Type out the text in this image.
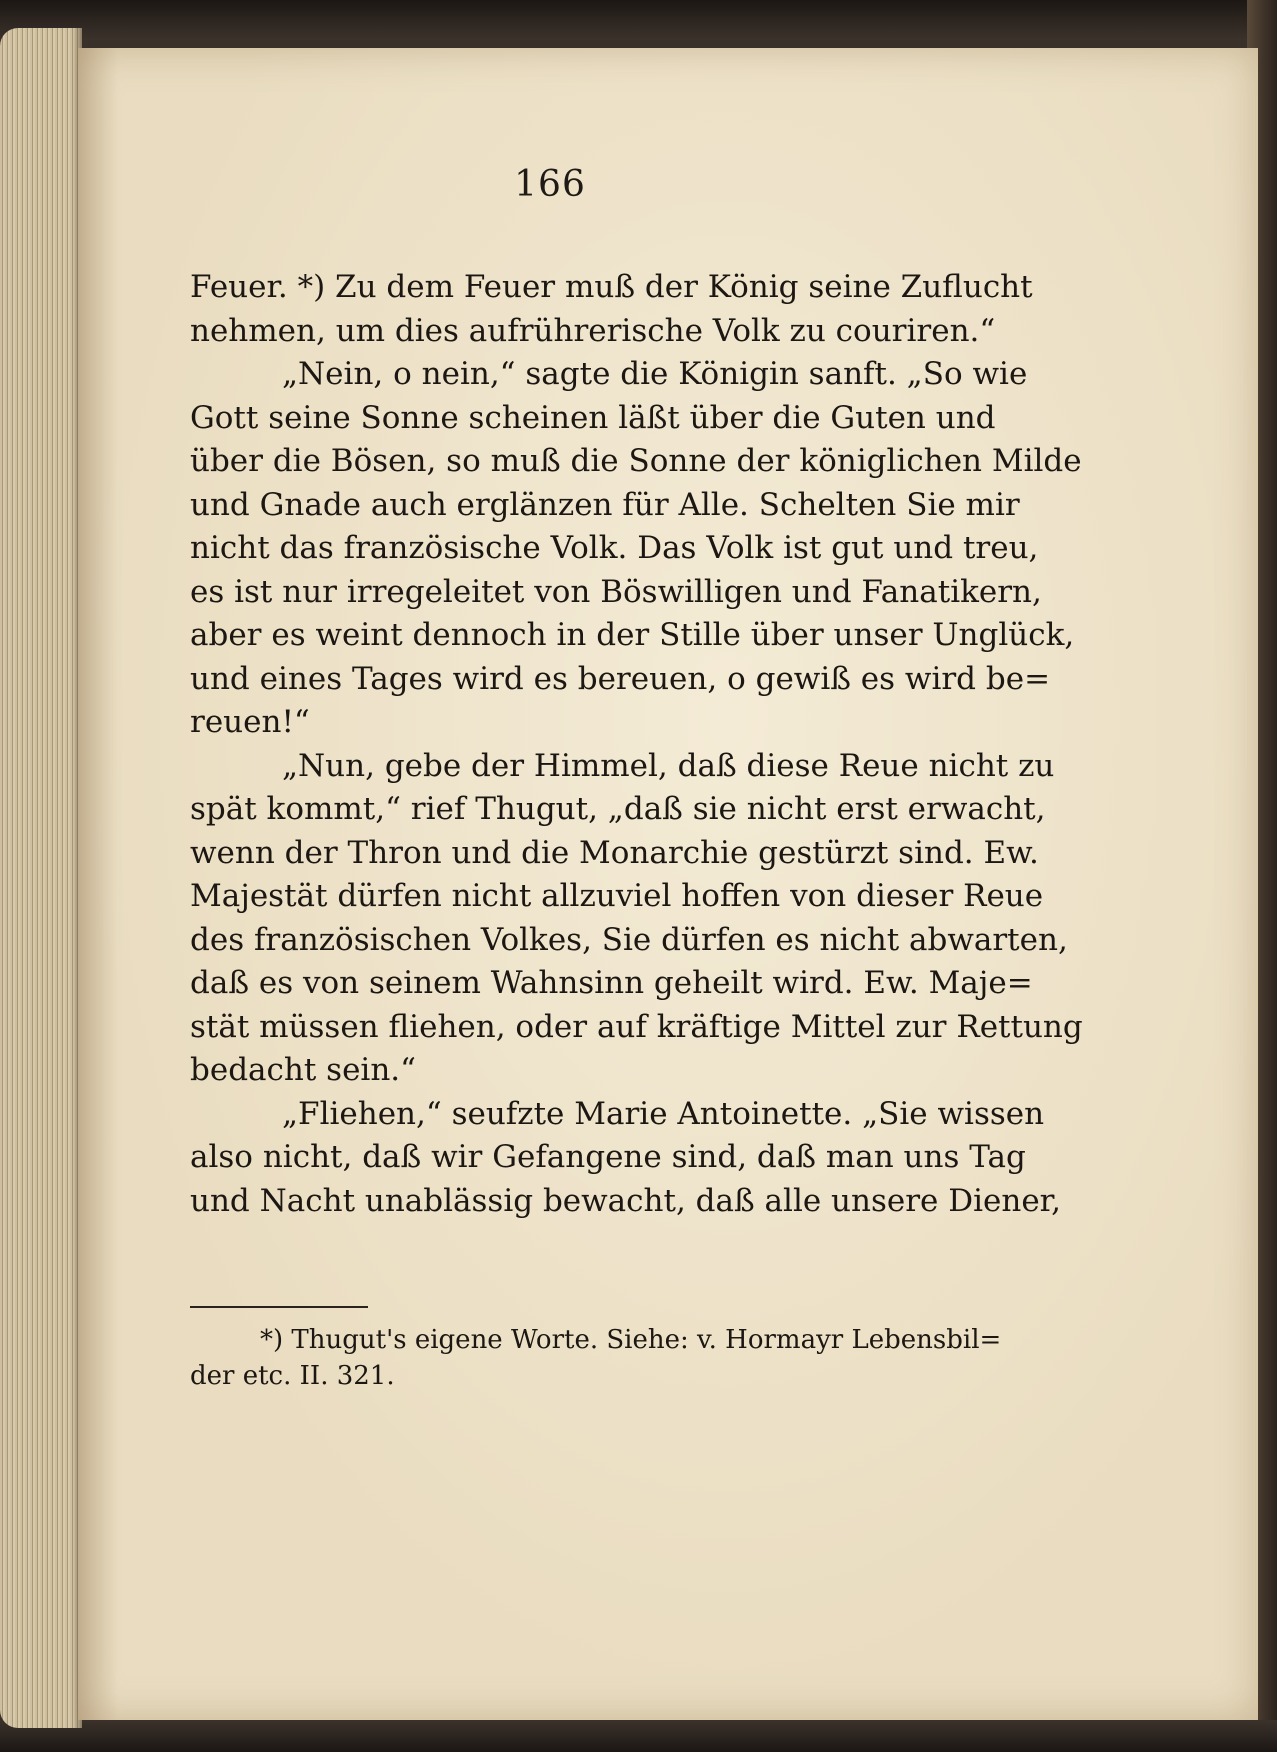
166

Feuer. *) Zu dem Feuer muß der König seine Zuflucht
nehmen, um dies aufrührerische Volk zu couriren.“

„Nein, o nein,“ sagte die Königin sanft. „So wie
Gott seine Sonne scheinen läßt über die Guten und
über die Bösen, so muß die Sonne der königlichen Milde
und Gnade auch erglänzen für Alle. Schelten Sie mir
nicht das französische Volk. Das Volk ist gut und treu,
es ist nur irregeleitet von Böswilligen und Fanatikern,
aber es weint dennoch in der Stille über unser Unglück,
und eines Tages wird es bereuen, o gewiß es wird be=
reuen!“

„Nun, gebe der Himmel, daß diese Reue nicht zu
spät kommt,“ rief Thugut, „daß sie nicht erst erwacht,
wenn der Thron und die Monarchie gestürzt sind. Ew.
Majestät dürfen nicht allzuviel hoffen von dieser Reue
des französischen Volkes, Sie dürfen es nicht abwarten,
daß es von seinem Wahnsinn geheilt wird. Ew. Maje=
stät müssen fliehen, oder auf kräftige Mittel zur Rettung
bedacht sein.“

„Fliehen,“ seufzte Marie Antoinette. „Sie wissen
also nicht, daß wir Gefangene sind, daß man uns Tag
und Nacht unablässig bewacht, daß alle unsere Diener,

*) Thugut's eigene Worte. Siehe: v. Hormayr Lebensbil=
der etc. II. 321.
